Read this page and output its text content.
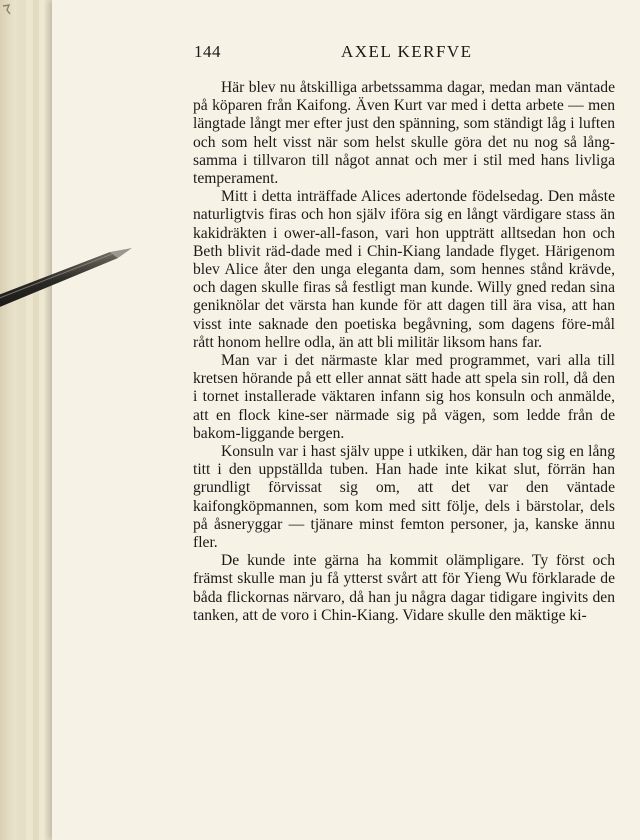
144	AXEL KERFVE

Här blev nu åtskilliga arbetssamma dagar, medan man väntade på köparen från Kaifong. Även Kurt var med i detta arbete — men längtade långt mer efter just den spänning, som ständigt låg i luften och som helt visst när som helst skulle göra det nu nog så lång-samma i tillvaron till något annat och mer i stil med hans livliga temperament.

Mitt i detta inträffade Alices adertonde födelsedag. Den måste naturligtvis firas och hon själv iföra sig en långt värdigare stass än kakidräkten i ower-all-fason, vari hon uppträtt alltsedan hon och Beth blivit räd-dade med i Chin-Kiang landade flyget. Härigenom blev Alice åter den unga eleganta dam, som hennes stånd krävde, och dagen skulle firas så festligt man kunde. Willy gned redan sina geniknölar det värsta han kunde för att dagen till ära visa, att han visst inte saknade den poetiska begåvning, som dagens före-mål rått honom hellre odla, än att bli militär liksom hans far.

Man var i det närmaste klar med programmet, vari alla till kretsen hörande på ett eller annat sätt hade att spela sin roll, då den i tornet installerade väktaren infann sig hos konsuln och anmälde, att en flock kine-ser närmade sig på vägen, som ledde från de bakom-liggande bergen.

Konsuln var i hast själv uppe i utkiken, där han tog sig en lång titt i den uppställda tuben. Han hade inte kikat slut, förrän han grundligt förvissat sig om, att det var den väntade kaifongköpmannen, som kom med sitt följe, dels i bärstolar, dels på åsneryggar — tjänare minst femton personer, ja, kanske ännu fler.

De kunde inte gärna ha kommit olämpligare. Ty först och främst skulle man ju få ytterst svårt att för Yieng Wu förklarade de båda flickornas närvaro, då han ju några dagar tidigare ingivits den tanken, att de voro i Chin-Kiang. Vidare skulle den mäktige ki-
